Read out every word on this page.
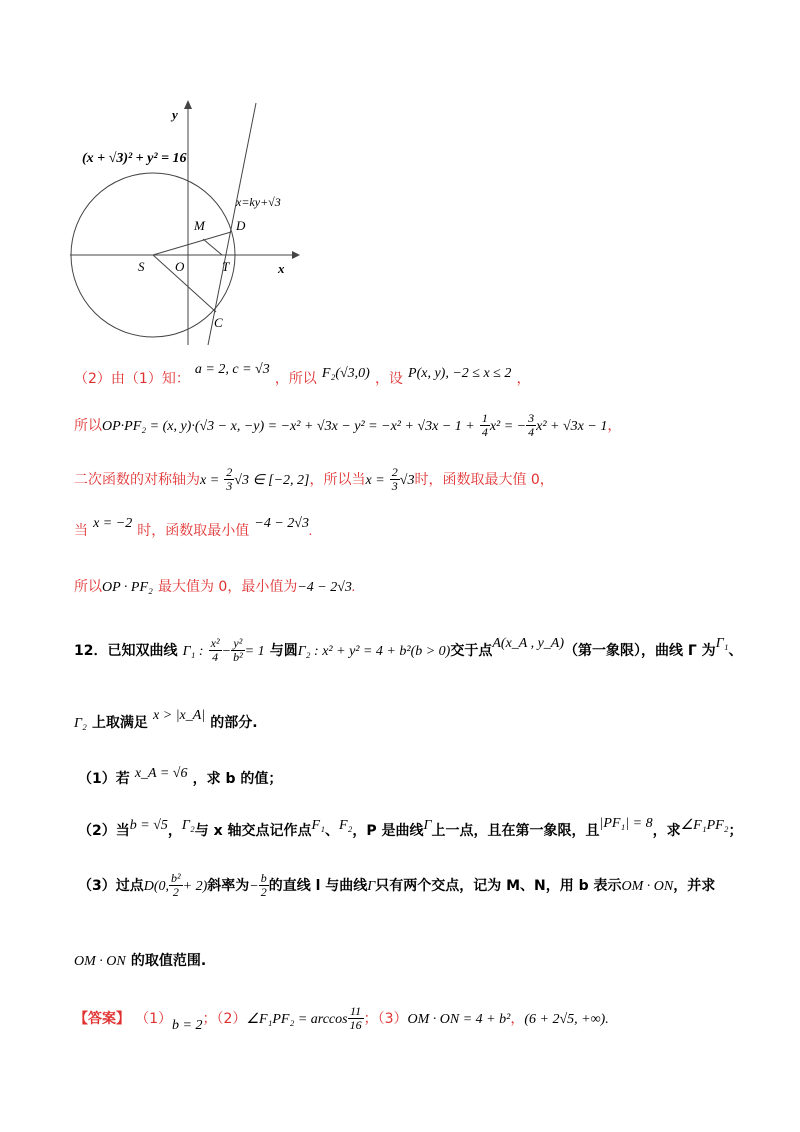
y
x
(x + √3)² + y² = 16
x=ky+√3
M D
S O	T
C
（2）由（1）知： a = 2, c = √3 ，所以 F₂(√3,0) ，设 P(x, y), −2 ≤ x ≤ 2 ，
所以OP·PF₂ = (x, y)·(√3 − x, $-y) = -x^2 + √3x - y^2 = -x^2 + √3x - 1 + \frac{1}{4} x^2$ = − $\frac{3}{4} x^2 + √3x - 1$，
二次函数的对称轴为$x = \frac{2}{3} √3$ ∈ [−2, 2]，所以当$x = \frac{2}{3} √3$时，函数取最大值 0，
当 x = −2 时，函数取最小值 −4 − 2√3.
所以OP · PF₂ 最大值为 0，最小值为−4 − 2√3.
12．已知双曲线 Γ₁ : $\frac{\text{x²}}{4} - \frac{\text{y²}}{\text{b²}} = 1$ 与圆Γ₂ : x² + y² = 4 + b²(b > 0)交于点A(x_A , y_A)（第一象限），曲线 Γ 为Γ₁、
Γ₂ 上取满足 x > |x_A| 的部分.
（1）若 x_A = √6 ，求 b 的值；
（2）当b = √5，Γ₂与 x 轴交点记作点F₁、F₂，P 是曲线Γ上一点，且在第一象限，且|PF₁| = 8，求∠F₁PF₂；
（3）过点D(0, $\frac{\text{b²}}{2} + 2$)斜率为− $\frac{b}{2}$ 的直线 l 与曲线Γ只有两个交点，记为 M、N，用 b 表示OM · ON，并求
OM · ON 的取值范围.
【答案】 （1）b = 2；（2）∠F₁PF₂ = $\arccos \frac{11}{16}$ ；（3）OM · ON = 4 + b²，(6 + 2√5, +∞).
